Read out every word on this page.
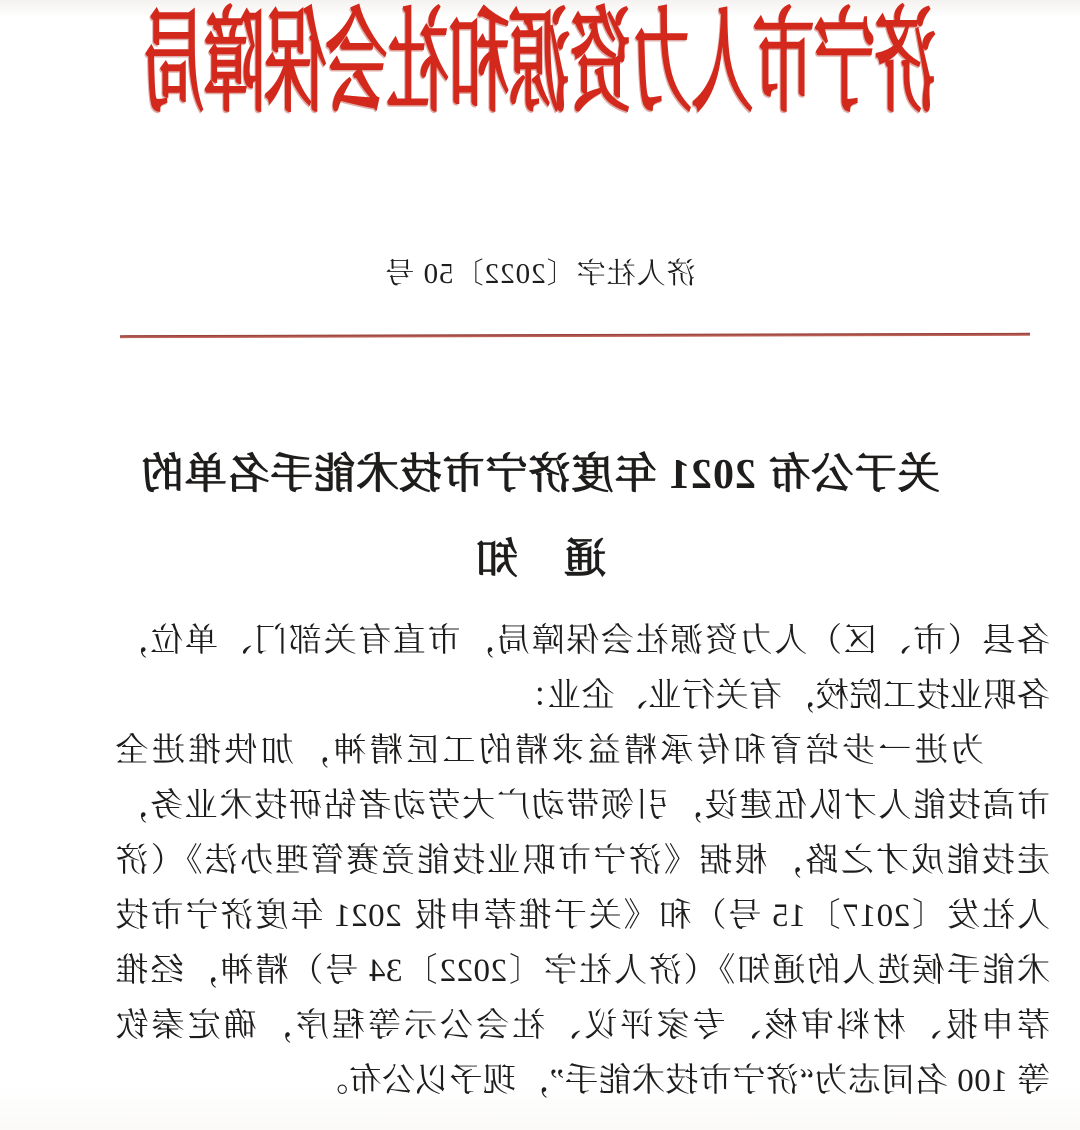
济宁市人力资源和社会保障局
济人社字〔2022〕50 号
关于公布 2021 年度济宁市技术能手名单的
通　知
各县（市、区）人力资源社会保障局，市直有关部门、单位，
各职业技工院校，有关行业、企业：
为进一步培育和传承精益求精的工匠精神，加快推进全
市高技能人才队伍建设，引领带动广大劳动者钻研技术业务，
走技能成才之路，根据《济宁市职业技能竞赛管理办法》（济
人社发〔2017〕15 号）和《关于推荐申报 2021 年度济宁市技
术能手候选人的通知》（济人社字〔2022〕34 号）精神，经推
荐申报、材料审核、专家评议、社会公示等程序，确定秦钦
等 100 名同志为“济宁市技术能手”，现予以公布。
